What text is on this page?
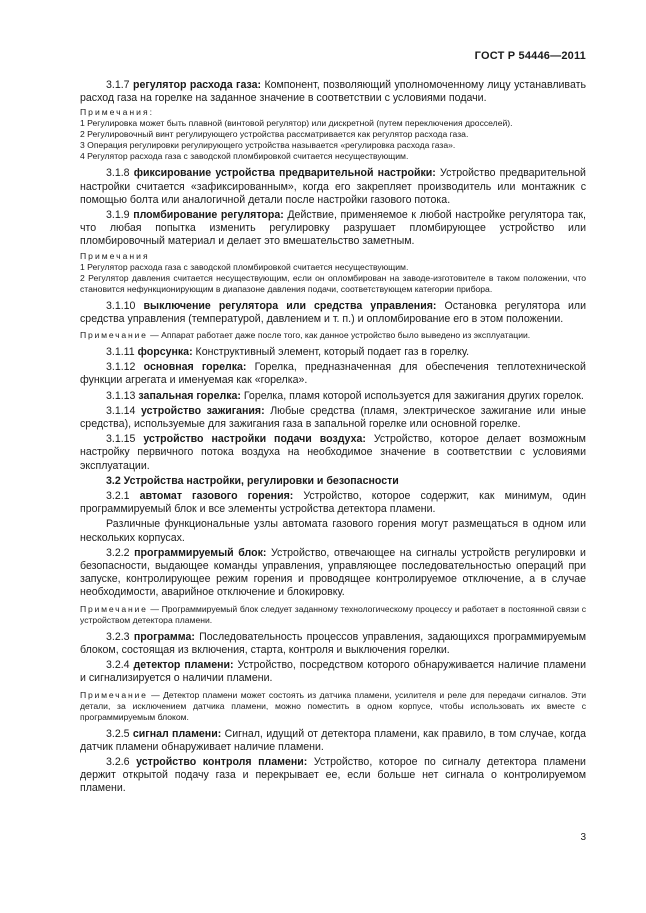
ГОСТ Р 54446—2011

3.1.7 регулятор расхода газа: Компонент, позволяющий уполномоченному лицу устанавливать расход газа на горелке на заданное значение в соответствии с условиями подачи.

Примечания:

1 Регулировка может быть плавной (винтовой регулятор) или дискретной (путем переключения дросселей).

2 Регулировочный винт регулирующего устройства рассматривается как регулятор расхода газа.

3 Операция регулировки регулирующего устройства называется «регулировка расхода газа».

4 Регулятор расхода газа с заводской пломбировкой считается несуществующим.

3.1.8 фиксирование устройства предварительной настройки: Устройство предварительной настройки считается «зафиксированным», когда его закрепляет производитель или монтажник с помощью болта или аналогичной детали после настройки газового потока.

3.1.9 пломбирование регулятора: Действие, применяемое к любой настройке регулятора так, что любая попытка изменить регулировку разрушает пломбирующее устройство или пломбировочный материал и делает это вмешательство заметным.

Примечания

1 Регулятор расхода газа с заводской пломбировкой считается несуществующим.

2 Регулятор давления считается несуществующим, если он опломбирован на заводе-изготовителе в таком положении, что становится нефункционирующим в диапазоне давления подачи, соответствующем категории прибора.

3.1.10 выключение регулятора или средства управления: Остановка регулятора или средства управления (температурой, давлением и т. п.) и опломбирование его в этом положении.

Примечание — Аппарат работает даже после того, как данное устройство было выведено из эксплуатации.

3.1.11 форсунка: Конструктивный элемент, который подает газ в горелку.

3.1.12 основная горелка: Горелка, предназначенная для обеспечения теплотехнической функции агрегата и именуемая как «горелка».

3.1.13 запальная горелка: Горелка, пламя которой используется для зажигания других горелок.

3.1.14 устройство зажигания: Любые средства (пламя, электрическое зажигание или иные средства), используемые для зажигания газа в запальной горелке или основной горелке.

3.1.15 устройство настройки подачи воздуха: Устройство, которое делает возможным настройку первичного потока воздуха на необходимое значение в соответствии с условиями эксплуатации.

3.2 Устройства настройки, регулировки и безопасности

3.2.1 автомат газового горения: Устройство, которое содержит, как минимум, один программируемый блок и все элементы устройства детектора пламени.

Различные функциональные узлы автомата газового горения могут размещаться в одном или нескольких корпусах.

3.2.2 программируемый блок: Устройство, отвечающее на сигналы устройств регулировки и безопасности, выдающее команды управления, управляющее последовательностью операций при запуске, контролирующее режим горения и проводящее контролируемое отключение, а в случае необходимости, аварийное отключение и блокировку.

Примечание — Программируемый блок следует заданному технологическому процессу и работает в постоянной связи с устройством детектора пламени.

3.2.3 программа: Последовательность процессов управления, задающихся программируемым блоком, состоящая из включения, старта, контроля и выключения горелки.

3.2.4 детектор пламени: Устройство, посредством которого обнаруживается наличие пламени и сигнализируется о наличии пламени.

Примечание — Детектор пламени может состоять из датчика пламени, усилителя и реле для передачи сигналов. Эти детали, за исключением датчика пламени, можно поместить в одном корпусе, чтобы использовать их вместе с программируемым блоком.

3.2.5 сигнал пламени: Сигнал, идущий от детектора пламени, как правило, в том случае, когда датчик пламени обнаруживает наличие пламени.

3.2.6 устройство контроля пламени: Устройство, которое по сигналу детектора пламени держит открытой подачу газа и перекрывает ее, если больше нет сигнала о контролируемом пламени.

3
